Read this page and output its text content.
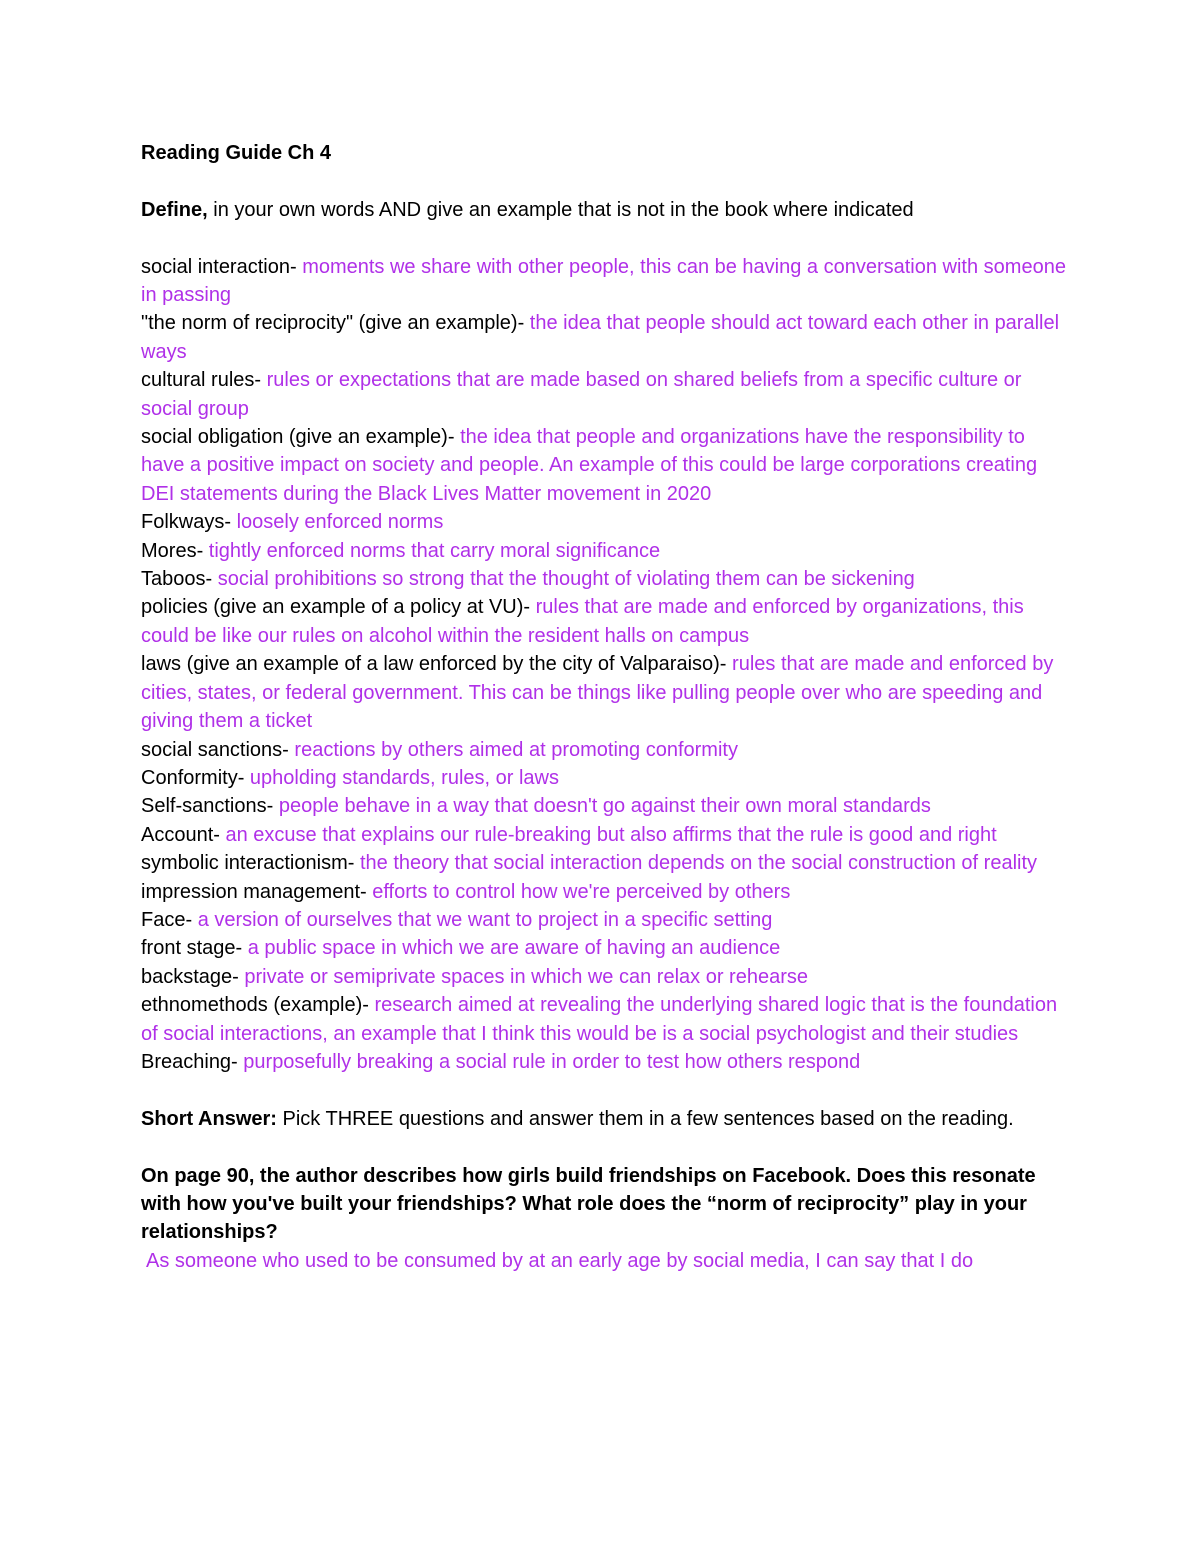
Reading Guide Ch 4

Define, in your own words AND give an example that is not in the book where indicated

social interaction- moments we share with other people, this can be having a conversation with someone in passing

"the norm of reciprocity" (give an example)- the idea that people should act toward each other in parallel ways

cultural rules- rules or expectations that are made based on shared beliefs from a specific culture or social group

social obligation (give an example)- the idea that people and organizations have the responsibility to have a positive impact on society and people. An example of this could be large corporations creating DEI statements during the Black Lives Matter movement in 2020

Folkways- loosely enforced norms

Mores- tightly enforced norms that carry moral significance

Taboos- social prohibitions so strong that the thought of violating them can be sickening

policies (give an example of a policy at VU)- rules that are made and enforced by organizations, this could be like our rules on alcohol within the resident halls on campus

laws (give an example of a law enforced by the city of Valparaiso)- rules that are made and enforced by cities, states, or federal government. This can be things like pulling people over who are speeding and giving them a ticket

social sanctions- reactions by others aimed at promoting conformity

Conformity- upholding standards, rules, or laws

Self-sanctions- people behave in a way that doesn't go against their own moral standards

Account- an excuse that explains our rule-breaking but also affirms that the rule is good and right

symbolic interactionism- the theory that social interaction depends on the social construction of reality

impression management- efforts to control how we're perceived by others

Face- a version of ourselves that we want to project in a specific setting

front stage- a public space in which we are aware of having an audience

backstage- private or semiprivate spaces in which we can relax or rehearse

ethnomethods (example)- research aimed at revealing the underlying shared logic that is the foundation of social interactions, an example that I think this would be is a social psychologist and their studies

Breaching- purposefully breaking a social rule in order to test how others respond

Short Answer: Pick THREE questions and answer them in a few sentences based on the reading.

On page 90, the author describes how girls build friendships on Facebook. Does this resonate with how you've built your friendships? What role does the “norm of reciprocity” play in your relationships?

As someone who used to be consumed by at an early age by social media, I can say that I do
